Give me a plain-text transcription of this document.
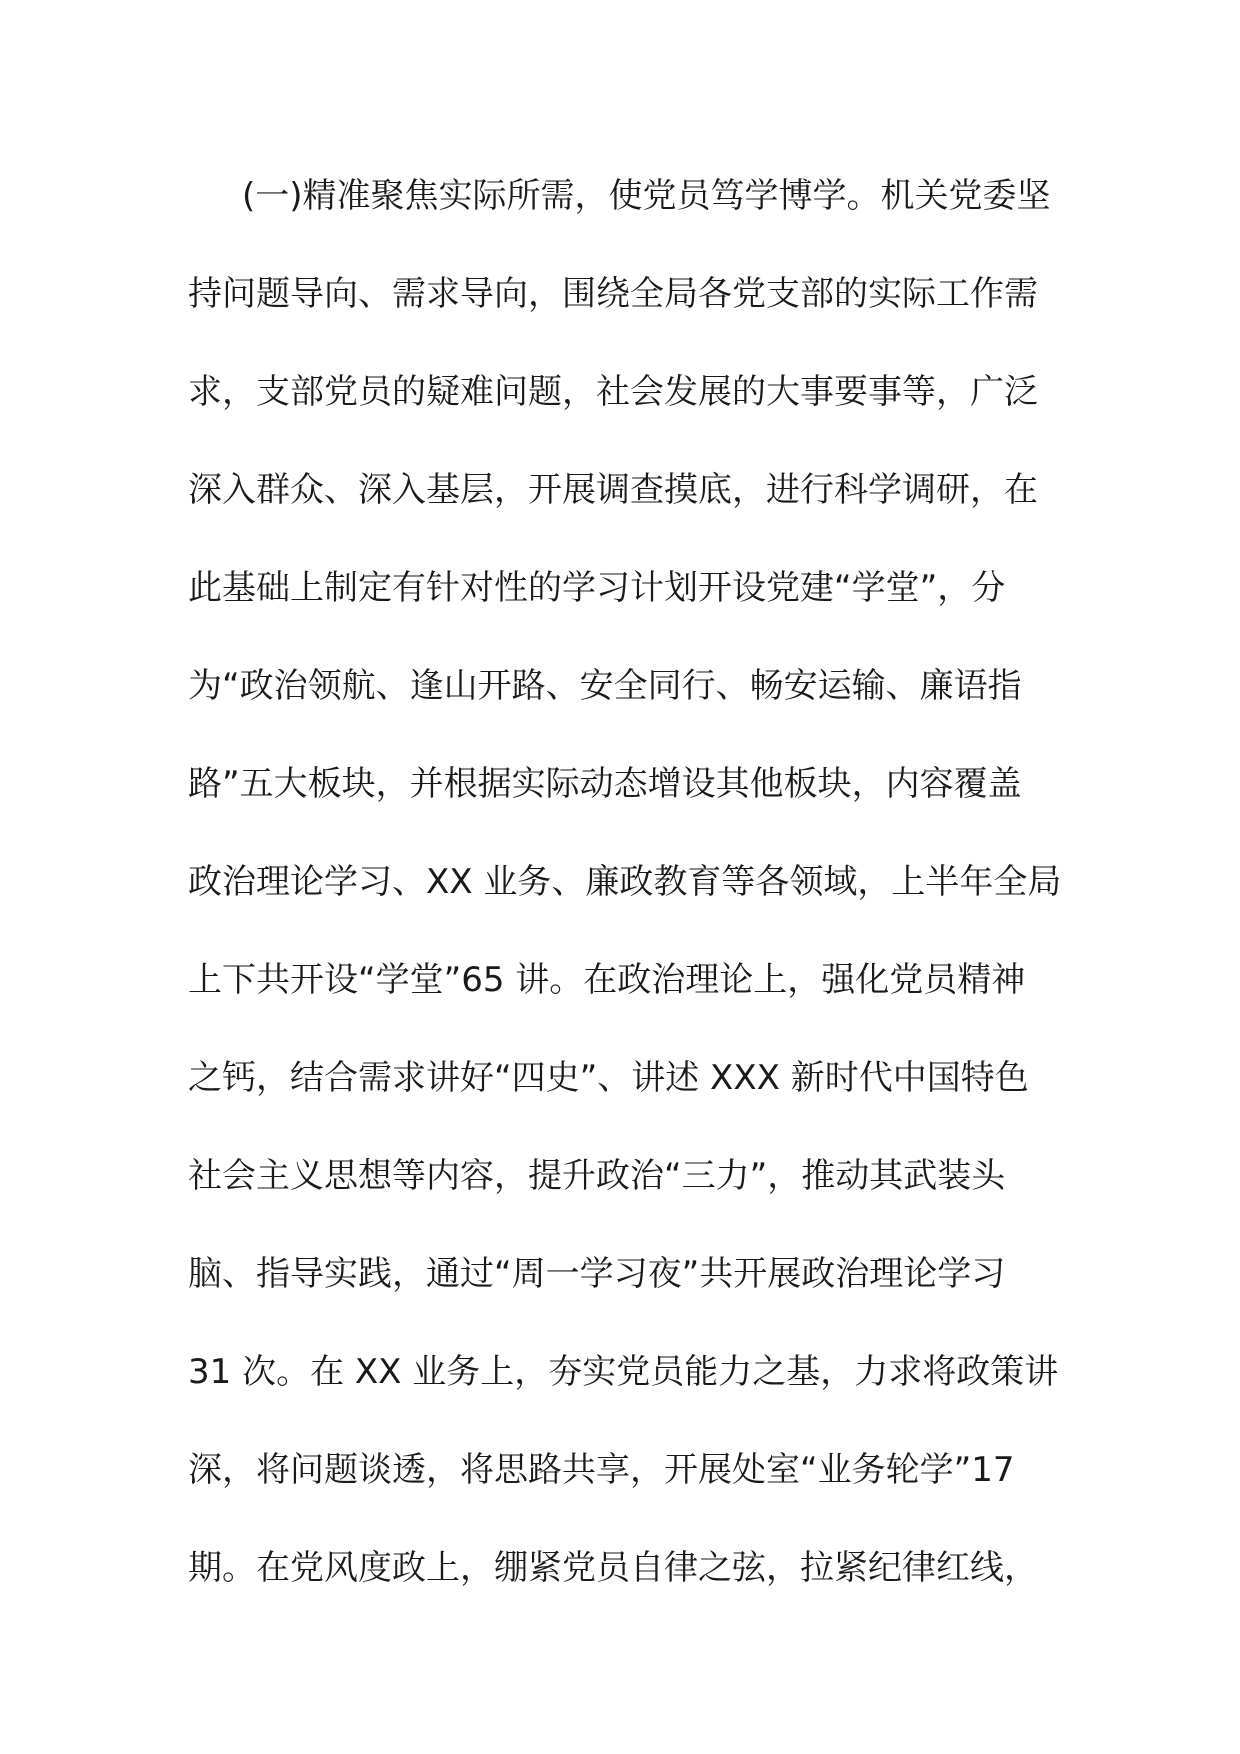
(一)精准聚焦实际所需，使党员笃学博学。机关党委坚
持问题导向、需求导向，围绕全局各党支部的实际工作需
求，支部党员的疑难问题，社会发展的大事要事等，广泛
深入群众、深入基层，开展调查摸底，进行科学调研，在
此基础上制定有针对性的学习计划开设党建“学堂”，分
为“政治领航、逢山开路、安全同行、畅安运输、廉语指
路”五大板块，并根据实际动态增设其他板块，内容覆盖
政治理论学习、XX 业务、廉政教育等各领域，上半年全局
上下共开设“学堂”65 讲。在政治理论上，强化党员精神
之钙，结合需求讲好“四史”、讲述 XXX 新时代中国特色
社会主义思想等内容，提升政治“三力”，推动其武装头
脑、指导实践，通过“周一学习夜”共开展政治理论学习
31 次。在 XX 业务上，夯实党员能力之基，力求将政策讲
深，将问题谈透，将思路共享，开展处室“业务轮学”17
期。在党风度政上，绷紧党员自律之弦，拉紧纪律红线，
